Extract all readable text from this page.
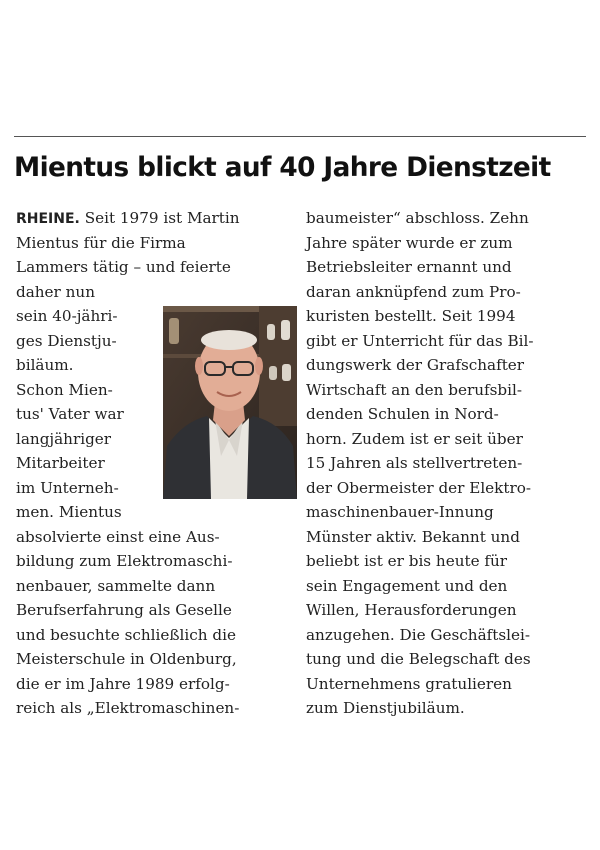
Mientus blickt auf 40 Jahre Dienstzeit
RHEINE. Seit 1979 ist Martin
Mientus für die Firma
Lammers tätig – und feierte
daher nun
sein 40-jähri-
ges Dienstju-
biläum.
Schon Mien-
tus' Vater war
langjähriger
Mitarbeiter
im Unterneh-
men. Mientus
absolvierte einst eine Aus-
bildung zum Elektromaschi-
nenbauer, sammelte dann
Berufserfahrung als Geselle
und besuchte schließlich die
Meisterschule in Oldenburg,
die er im Jahre 1989 erfolg-
reich als „Elektromaschinen-
baumeister“ abschloss. Zehn
Jahre später wurde er zum
Betriebsleiter ernannt und
daran anknüpfend zum Pro-
kuristen bestellt. Seit 1994
gibt er Unterricht für das Bil-
dungswerk der Grafschafter
Wirtschaft an den berufsbil-
denden Schulen in Nord-
horn. Zudem ist er seit über
15 Jahren als stellvertreten-
der Obermeister der Elektro-
maschinenbauer-Innung
Münster aktiv. Bekannt und
beliebt ist er bis heute für
sein Engagement und den
Willen, Herausforderungen
anzugehen. Die Geschäftslei-
tung und die Belegschaft des
Unternehmens gratulieren
zum Dienstjubiläum.
